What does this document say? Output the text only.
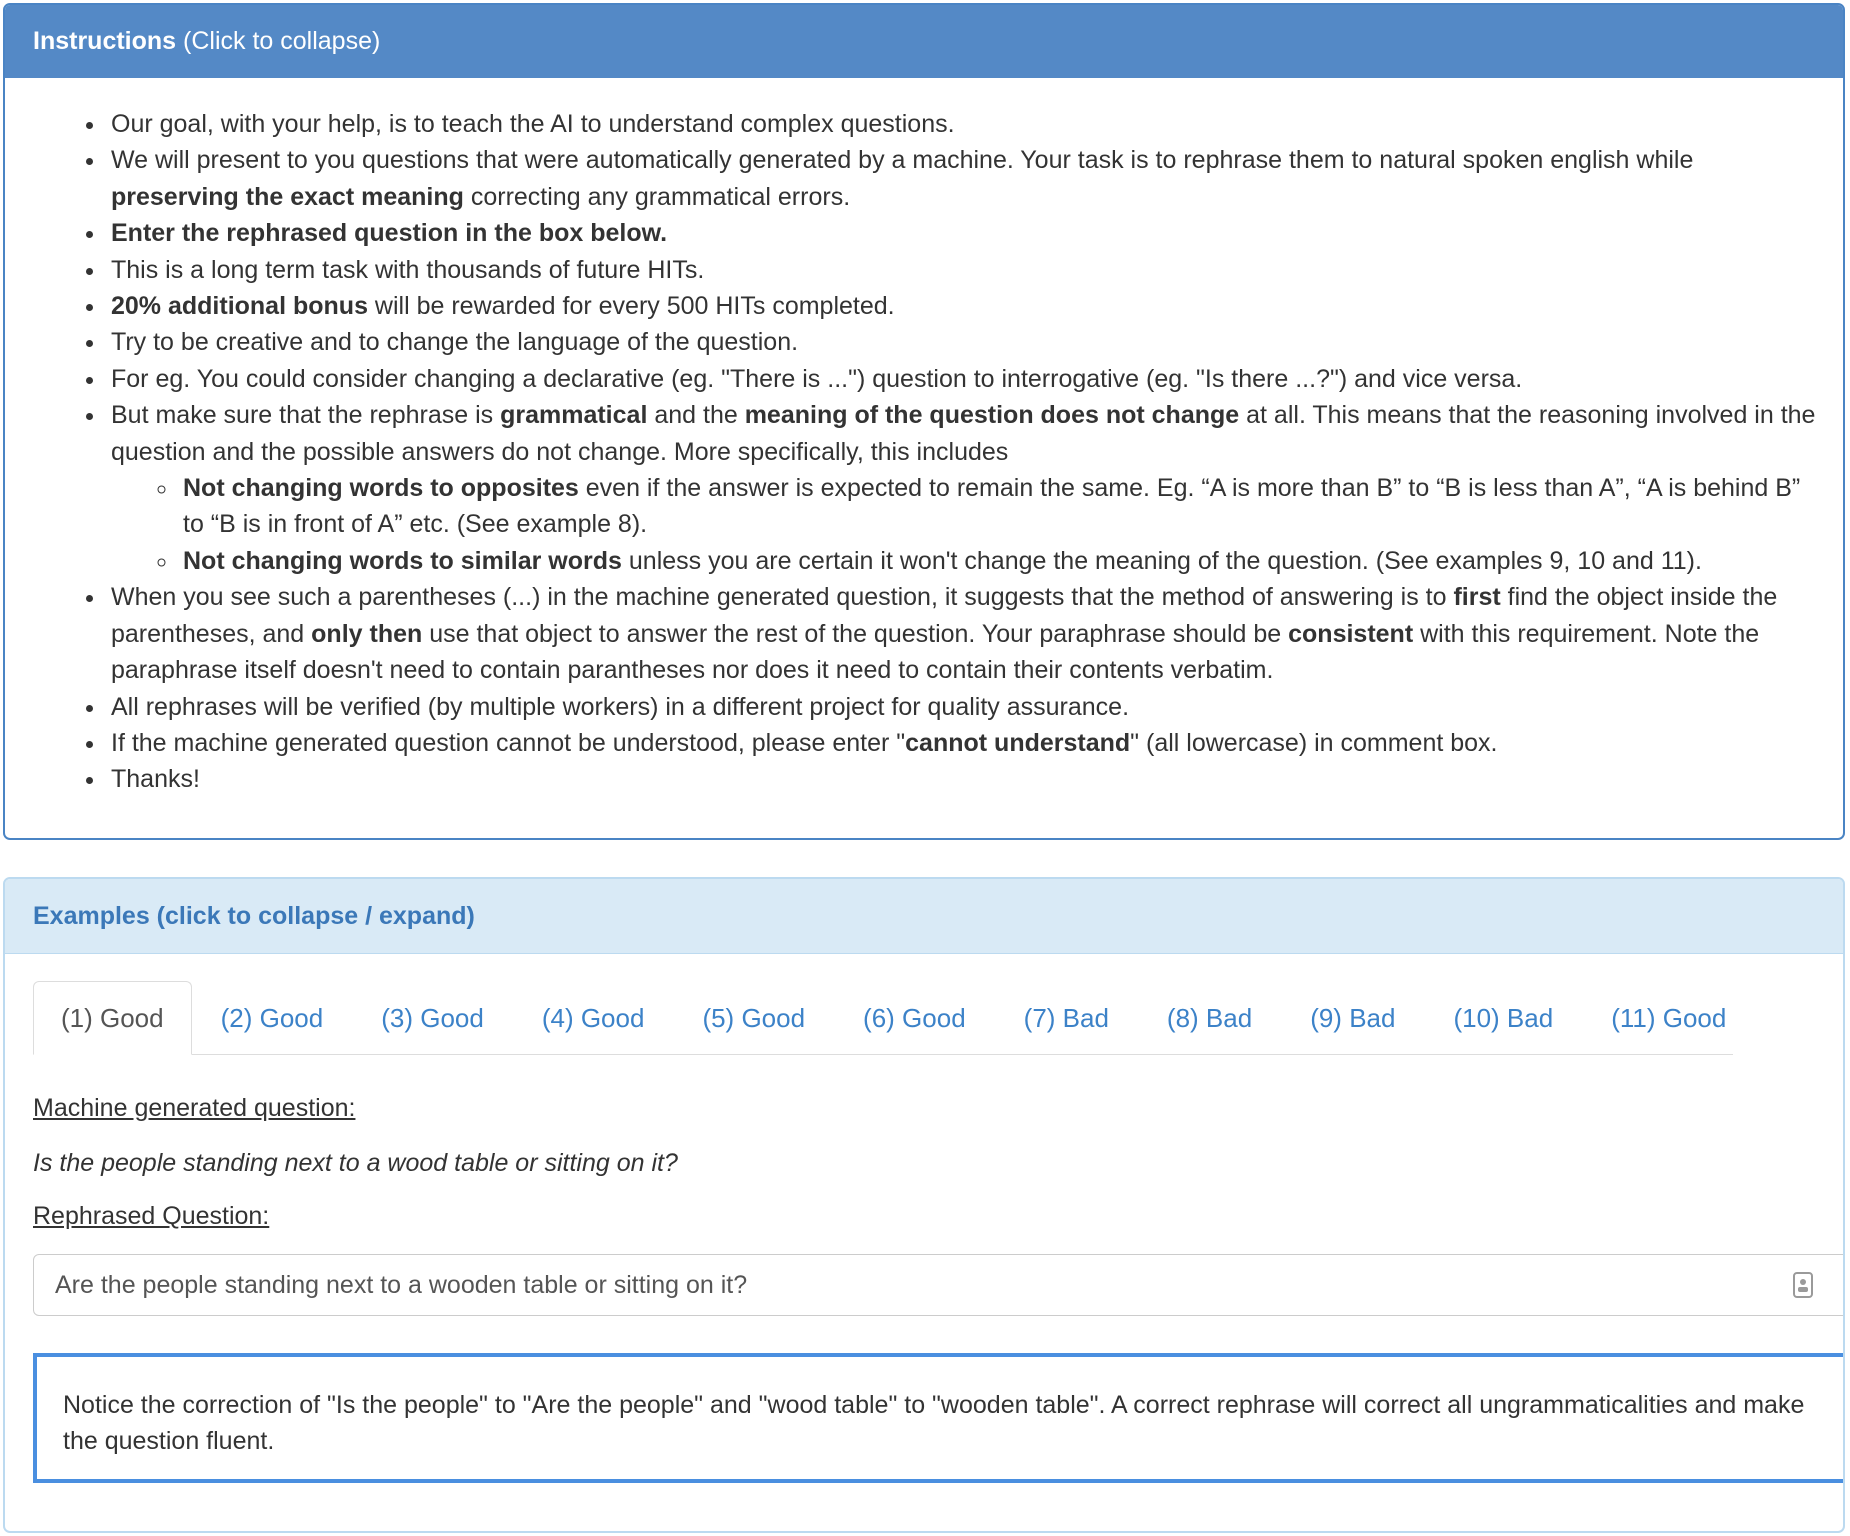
Instructions (Click to collapse)
• Our goal, with your help, is to teach the AI to understand complex questions.
• We will present to you questions that were automatically generated by a machine. Your task is to rephrase them to natural spoken english while preserving the exact meaning correcting any grammatical errors.
• Enter the rephrased question in the box below.
• This is a long term task with thousands of future HITs.
• 20% additional bonus will be rewarded for every 500 HITs completed.
• Try to be creative and to change the language of the question.
• For eg. You could consider changing a declarative (eg. "There is ...") question to interrogative (eg. "Is there ...?") and vice versa.
• But make sure that the rephrase is grammatical and the meaning of the question does not change at all. This means that the reasoning involved in the question and the possible answers do not change. More specifically, this includes
◦ Not changing words to opposites even if the answer is expected to remain the same. Eg. “A is more than B” to “B is less than A”, “A is behind B” to “B is in front of A” etc. (See example 8).
◦ Not changing words to similar words unless you are certain it won't change the meaning of the question. (See examples 9, 10 and 11).
• When you see such a parentheses (...) in the machine generated question, it suggests that the method of answering is to first find the object inside the parentheses, and only then use that object to answer the rest of the question. Your paraphrase should be consistent with this requirement. Note the paraphrase itself doesn't need to contain parantheses nor does it need to contain their contents verbatim.
• All rephrases will be verified (by multiple workers) in a different project for quality assurance.
• If the machine generated question cannot be understood, please enter "cannot understand" (all lowercase) in comment box.
• Thanks!
Examples (click to collapse / expand)
(1) Good	(2) Good	(3) Good	(4) Good	(5) Good	(6) Good	(7) Bad	(8) Bad	(9) Bad	(10) Bad	(11) Good
Machine generated question:
Is the people standing next to a wood table or sitting on it?
Rephrased Question:
Are the people standing next to a wooden table or sitting on it?
Notice the correction of "Is the people" to "Are the people" and "wood table" to "wooden table". A correct rephrase will correct all ungrammaticalities and make the question fluent.
